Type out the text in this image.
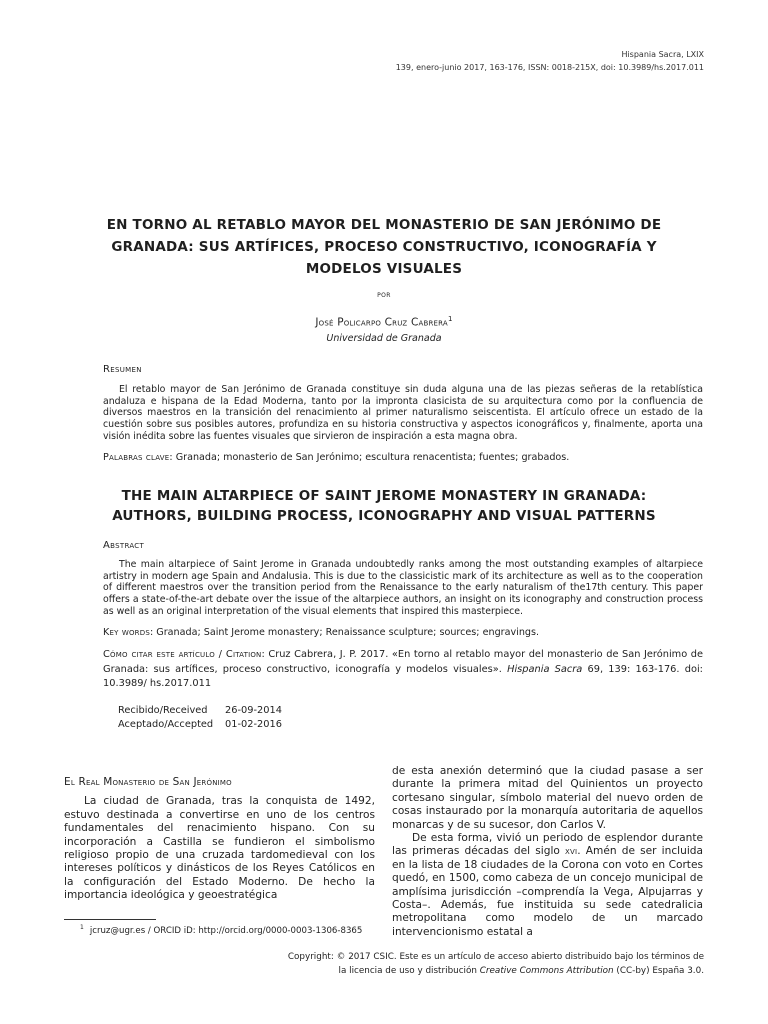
Hispania Sacra, LXIX
139, enero-junio 2017, 163-176, ISSN: 0018-215X, doi: 10.3989/hs.2017.011
EN TORNO AL RETABLO MAYOR DEL MONASTERIO DE SAN JERÓNIMO DE GRANADA: SUS ARTÍFICES, PROCESO CONSTRUCTIVO, ICONOGRAFÍA Y MODELOS VISUALES
por
José Policarpo Cruz Cabrera$^1$
Universidad de Granada
Resumen
El retablo mayor de San Jerónimo de Granada constituye sin duda alguna una de las piezas señeras de la retablística andaluza e hispana de la Edad Moderna, tanto por la impronta clasicista de su arquitectura como por la confluencia de diversos maestros en la transición del renacimiento al primer naturalismo seiscentista. El artículo ofrece un estado de la cuestión sobre sus posibles autores, profundiza en su historia constructiva y aspectos iconográficos y, finalmente, aporta una visión inédita sobre las fuentes visuales que sirvieron de inspiración a esta magna obra.
Palabras clave: Granada; monasterio de San Jerónimo; escultura renacentista; fuentes; grabados.
THE MAIN ALTARPIECE OF SAINT JEROME MONASTERY IN GRANADA: AUTHORS, BUILDING PROCESS, ICONOGRAPHY AND VISUAL PATTERNS
Abstract
The main altarpiece of Saint Jerome in Granada undoubtedly ranks among the most outstanding examples of altarpiece artistry in modern age Spain and Andalusia. This is due to the classicistic mark of its architecture as well as to the cooperation of different maestros over the transition period from the Renaissance to the early naturalism of the17th century. This paper offers a state-of-the-art debate over the issue of the altarpiece authors, an insight on its iconography and construction process as well as an original interpretation of the visual elements that inspired this masterpiece.
Key words: Granada; Saint Jerome monastery; Renaissance sculpture; sources; engravings.
Cómo citar este artículo / Citation: Cruz Cabrera, J. P. 2017. «En torno al retablo mayor del monasterio de San Jerónimo de Granada: sus artífices, proceso constructivo, iconografía y modelos visuales». Hispania Sacra 69, 139: 163-176. doi: 10.3989/ hs.2017.011
Recibido/Received 26-09-2014
Aceptado/Accepted 01-02-2016
El Real Monasterio de San Jerónimo

La ciudad de Granada, tras la conquista de 1492, estuvo destinada a convertirse en uno de los centros fundamentales del renacimiento hispano. Con su incorporación a Castilla se fundieron el simbolismo religioso propio de una cruzada tardomedieval con los intereses políticos y dinásticos de los Reyes Católicos en la configuración del Estado Moderno. De hecho la importancia ideológica y geoestratégica

de esta anexión determinó que la ciudad pasase a ser durante la primera mitad del Quinientos un proyecto cortesano singular, símbolo material del nuevo orden de cosas instaurado por la monarquía autoritaria de aquellos monarcas y de su sucesor, don Carlos V.

De esta forma, vivió un periodo de esplendor durante las primeras décadas del siglo xvi. Amén de ser incluida en la lista de 18 ciudades de la Corona con voto en Cortes quedó, en 1500, como cabeza de un concejo municipal de amplísima jurisdicción –comprendía la Vega, Alpujarras y Costa–. Además, fue instituida su sede catedralicia metropolitana como modelo de un marcado intervencionismo estatal a

$^1$ jcruz@ugr.es / ORCID iD: http://orcid.org/0000-0003-1306-8365
Copyright: © 2017 CSIC. Este es un artículo de acceso abierto distribuido bajo los términos de
la licencia de uso y distribución Creative Commons Attribution (CC-by) España 3.0.
